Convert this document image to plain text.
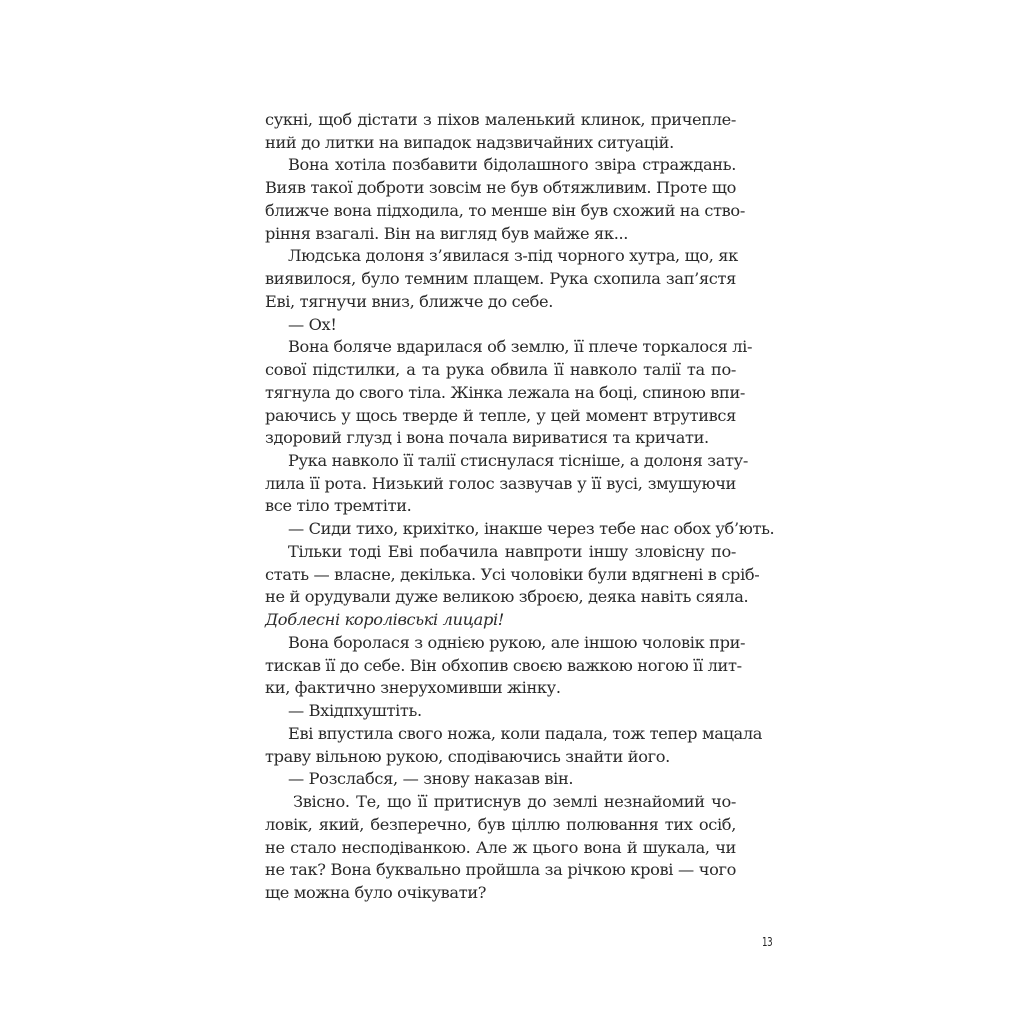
сукні, щоб дістати з піхов маленький клинок, причепле-
ний до литки на випадок надзвичайних ситуацій.
Вона хотіла позбавити бідолашного звіра страждань.
Вияв такої доброти зовсім не був обтяжливим. Проте що
ближче вона підходила, то менше він був схожий на ство-
ріння взагалі. Він на вигляд був майже як...
Людська долоня з’явилася з-під чорного хутра, що, як
виявилося, було темним плащем. Рука схопила зап’ястя
Еві, тягнучи вниз, ближче до себе.
— Ох!
Вона боляче вдарилася об землю, її плече торкалося лі-
сової підстилки, а та рука обвила її навколо талії та по-
тягнула до свого тіла. Жінка лежала на боці, спиною впи-
раючись у щось тверде й тепле, у цей момент втрутився
здоровий глузд і вона почала вириватися та кричати.
Рука навколо її талії стиснулася тісніше, а долоня зату-
лила її рота. Низький голос зазвучав у її вусі, змушуючи
все тіло тремтіти.
— Сиди тихо, крихітко, інакше через тебе нас обох уб’ють.
Тільки тоді Еві побачила навпроти іншу зловісну по-
стать — власне, декілька. Усі чоловіки були вдягнені в сріб-
не й орудували дуже великою зброєю, деяка навіть сяяла.
Доблесні королівські лицарі!
Вона боролася з однією рукою, але іншою чоловік при-
тискав її до себе. Він обхопив своєю важкою ногою її лит-
ки, фактично знерухомивши жінку.
— Вхідпхуштіть.
Еві впустила свого ножа, коли падала, тож тепер мацала
траву вільною рукою, сподіваючись знайти його.
— Розслабся, — знову наказав він.
Звісно. Те, що її притиснув до землі незнайомий чо-
ловік, який, безперечно, був ціллю полювання тих осіб,
не стало несподіванкою. Але ж цього вона й шукала, чи
не так? Вона буквально пройшла за річкою крові — чого
ще можна було очікувати?
13
